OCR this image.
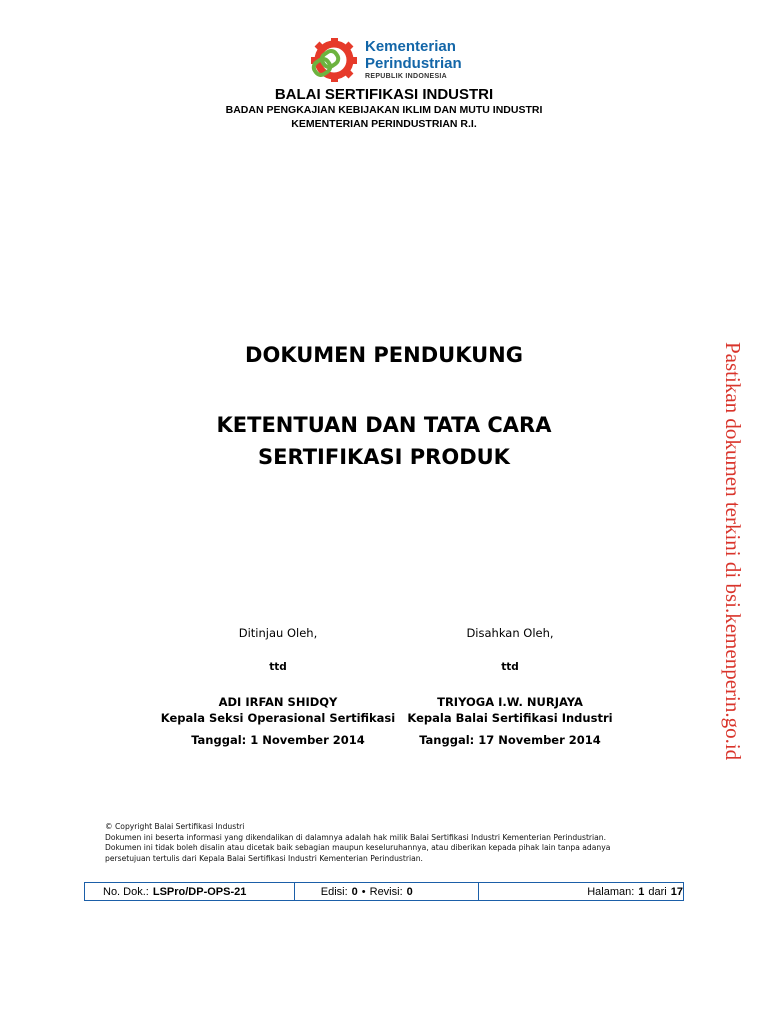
Kementerian
Perindustrian
REPUBLIK INDONESIA
BALAI SERTIFIKASI INDUSTRI
BADAN PENGKAJIAN KEBIJAKAN IKLIM DAN MUTU INDUSTRI
KEMENTERIAN PERINDUSTRIAN R.I.
DOKUMEN PENDUKUNG
KETENTUAN DAN TATA CARA
SERTIFIKASI PRODUK	Pastikan dokumen terkini di bsi.kemenperin.go.id
Ditinjau Oleh,
ttd
ADI IRFAN SHIDQY
Kepala Seksi Operasional Sertifikasi
Tanggal: 1 November 2014
Disahkan Oleh,
ttd
TRIYOGA I.W. NURJAYA
Kepala Balai Sertifikasi Industri
Tanggal: 17 November 2014
© Copyright Balai Sertifikasi Industri
Dokumen ini beserta informasi yang dikendalikan di dalamnya adalah hak milik Balai Sertifikasi Industri Kementerian Perindustrian.
Dokumen ini tidak boleh disalin atau dicetak baik sebagian maupun keseluruhannya, atau diberikan kepada pihak lain tanpa adanya
persetujuan tertulis dari Kepala Balai Sertifikasi Industri Kementerian Perindustrian.
No. Dok.: LSPro/DP-OPS-21	Edisi: 0 • Revisi: 0	Halaman: 1 dari 17
